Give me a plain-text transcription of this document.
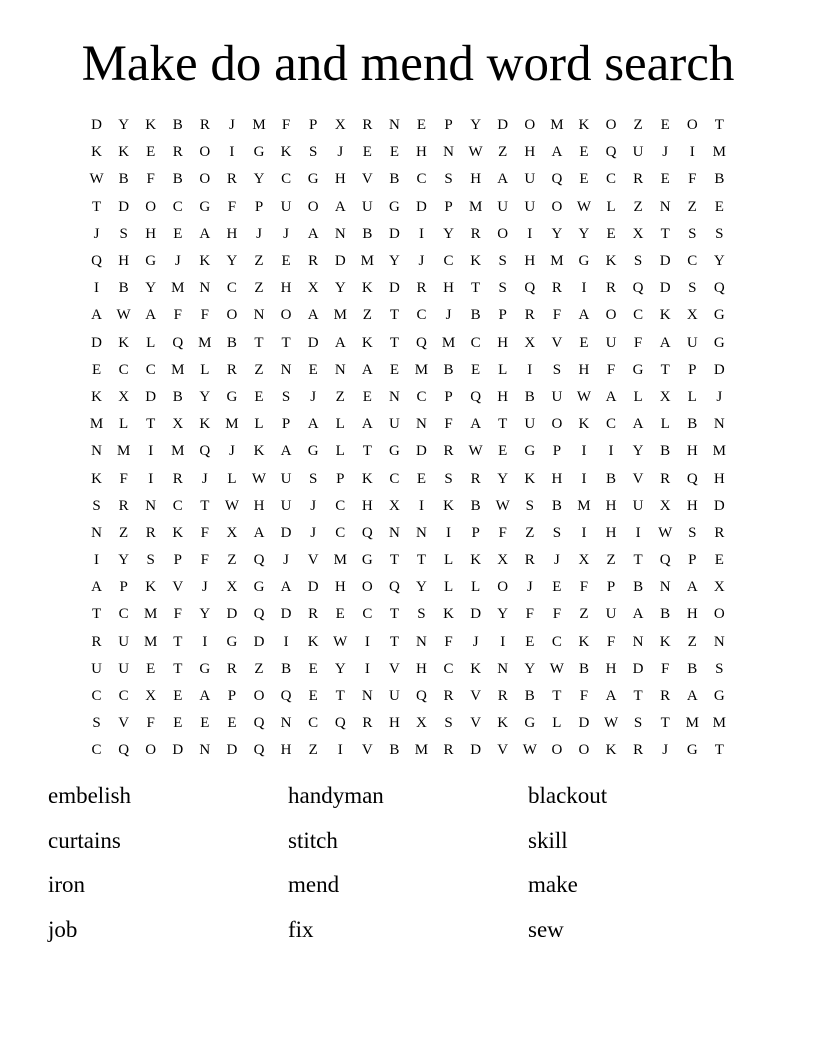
Make do and mend word search
D	Y	K	B	R	J	M	F	P	X	R	N	E	P	Y	D	O M K	O	Z	E	O	T
K	K	E	R	O	I	G	K	S	J	E	E	H	N W	Z	H	A	E	Q	U	J	I	M
W B	F	B	O	R	Y	C	G	H	V	B	C	S	H	A	U	Q	E	C	R	E	F	B
T	D	O	C	G	F	P	U	O	A	U	G	D	P	M U	U	O W	L	Z	N	Z	E
J	S	H	E	A	H	J	J	A	N	B	D	I	Y	R	O	I	Y	Y	E	X	T	S	S
Q	H	G	J	K	Y	Z	E	R	D M Y	J	C	K	S	H M G	K	S	D	C	Y
I	B	Y M N	C	Z	H	X	Y	K	D	R	H	T	S	Q	R	I	R	Q	D	S	Q
A W A	F	F	O	N	O	A M	Z	T	C	J	B	P	R	F	A	O	C	K	X	G
D	K	L	Q M	B	T	T	D	A	K	T	Q M	C	H	X	V	E	U	F	A	U	G
E	C	C	M	L	R	Z	N	E	N	A	E	M	B	E	L	I	S	H	F	G	T	P	D
K	X	D	B	Y	G	E	S	J	Z	E	N	C	P	Q	H	B	U W A	L	X	L	J
M	L	T	X	K M	L	P	A	L	A	U	N	F	A	T	U	O	K	C	A	L	B	N
N M	I	M Q	J	K	A	G	L	T	G	D	R W	E	G	P	I	I	Y	B	H M
K	F	I	R	J	L	W U	S	P	K	C	E	S	R	Y	K	H	I	B	V	R	Q	H
S	R	N	C	T	W H	U	J	C	H	X	I	K	B W	S	B	M H	U	X	H	D
N	Z	R	K	F	X	A	D	J	C	Q	N	N	I	P	F	Z	S	I	H	I	W	S	R
I	Y	S	P	F	Z	Q	J	V M G	T	T	L	K	X	R	J	X	Z	T	Q	P	E
A	P	K	V	J	X	G	A	D	H	O	Q	Y	L	L	O	J	E	F	P	B	N	A	X
T	C	M	F	Y	D	Q	D	R	E	C	T	S	K	D	Y	F	F	Z	U	A	B	H	O
R	U M	T	I	G	D	I	K W	I	T	N	F	J	I	E	C	K	F	N	K	Z	N
U	U	E	T	G	R	Z	B	E	Y	I	V	H	C	K	N	Y W B	H	D	F	B	S
C	C	X	E	A	P	O	Q	E	T	N	U	Q	R	V	R	B	T	F	A	T	R	A	G
S	V	F	E	E	E	Q	N	C	Q	R	H	X	S	V	K	G	L	D W	S	T	M M
C	Q	O	D	N	D	Q	H	Z	I	V	B	M	R	D	V W O	O	K	R	J	G	T
embelish	handyman	blackout
curtains	stitch	skill
iron	mend	make
job	fix	sew
